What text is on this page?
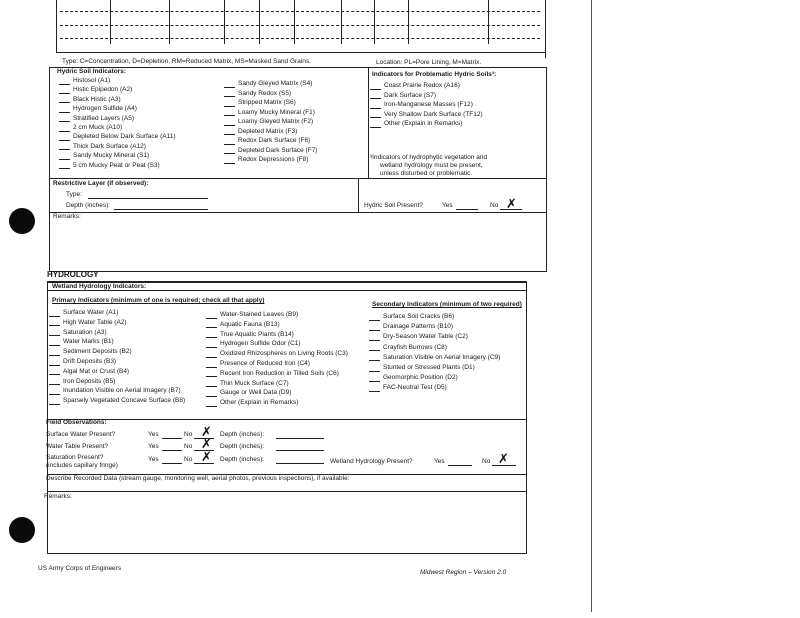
Type: C=Concentration, D=Depletion, RM=Reduced Matrix, MS=Masked Sand Grains.	Location: PL=Pore Lining, M=Matrix.
Hydric Soil Indicators:	Indicators for Problematic Hydric Soils³:
Histosol (A1)
Histic Epipedon (A2)
Black Histic (A3)
Hydrogen Sulfide (A4)
Stratified Layers (A5)
2 cm Muck (A10)
Depleted Below Dark Surface (A11)
Thick Dark Surface (A12)
Sandy Mucky Mineral (S1)
5 cm Mucky Peat or Peat (S3)
Sandy Gleyed Matrix (S4)
Sandy Redox (S5)
Stripped Matrix (S6)
Loamy Mucky Mineral (F1)
Loamy Gleyed Matrix (F2)
Depleted Matrix (F3)
Redox Dark Surface (F6)
Depleted Dark Surface (F7)
Redox Depressions (F8)
Coast Prairie Redox (A16)
Dark Surface (S7)
Iron-Manganese Masses (F12)
Very Shallow Dark Surface (TF12)
Other (Explain in Remarks)
³Indicators of hydrophytic vegetation and
wetland hydrology must be present,
unless disturbed or problematic.
Restrictive Layer (if observed):
Type:
Depth (inches):	Hydric Soil Present?	Yes	No ✗
Remarks:
HYDROLOGY
Wetland Hydrology Indicators:
Primary Indicators (minimum of one is required; check all that apply)
Secondary Indicators (minimum of two required)
Surface Water (A1)
High Water Table (A2)
Saturation (A3)
Water Marks (B1)
Sediment Deposits (B2)
Drift Deposits (B3)
Algal Mat or Crust (B4)
Iron Deposits (B5)
Inundation Visible on Aerial Imagery (B7)
Sparsely Vegetated Concave Surface (B8)
Water-Stained Leaves (B9)
Aquatic Fauna (B13)
True Aquatic Plants (B14)
Hydrogen Sulfide Odor (C1)
Oxidized Rhizospheres on Living Roots (C3)
Presence of Reduced Iron (C4)
Recent Iron Reduction in Tilled Soils (C6)
Thin Muck Surface (C7)
Gauge or Well Data (D9)
Other (Explain in Remarks)
Surface Soil Cracks (B6)
Drainage Patterns (B10)
Dry-Season Water Table (C2)
Crayfish Burrows (C8)
Saturation Visible on Aerial Imagery (C9)
Stunted or Stressed Plants (D1)
Geomorphic Position (D2)
FAC-Neutral Test (D5)
Field Observations:
Surface Water Present?	Yes	No ✗ Depth (inches):
Water Table Present?	Yes	No ✗ Depth (inches):
Saturation Present?
(includes capillary fringe)
Yes	No ✗ Depth (inches):	Wetland Hydrology Present?	Yes	No ✗
Describe Recorded Data (stream gauge, monitoring well, aerial photos, previous inspections), if available:
Remarks:
US Army Corps of Engineers
Midwest Region – Version 2.0
